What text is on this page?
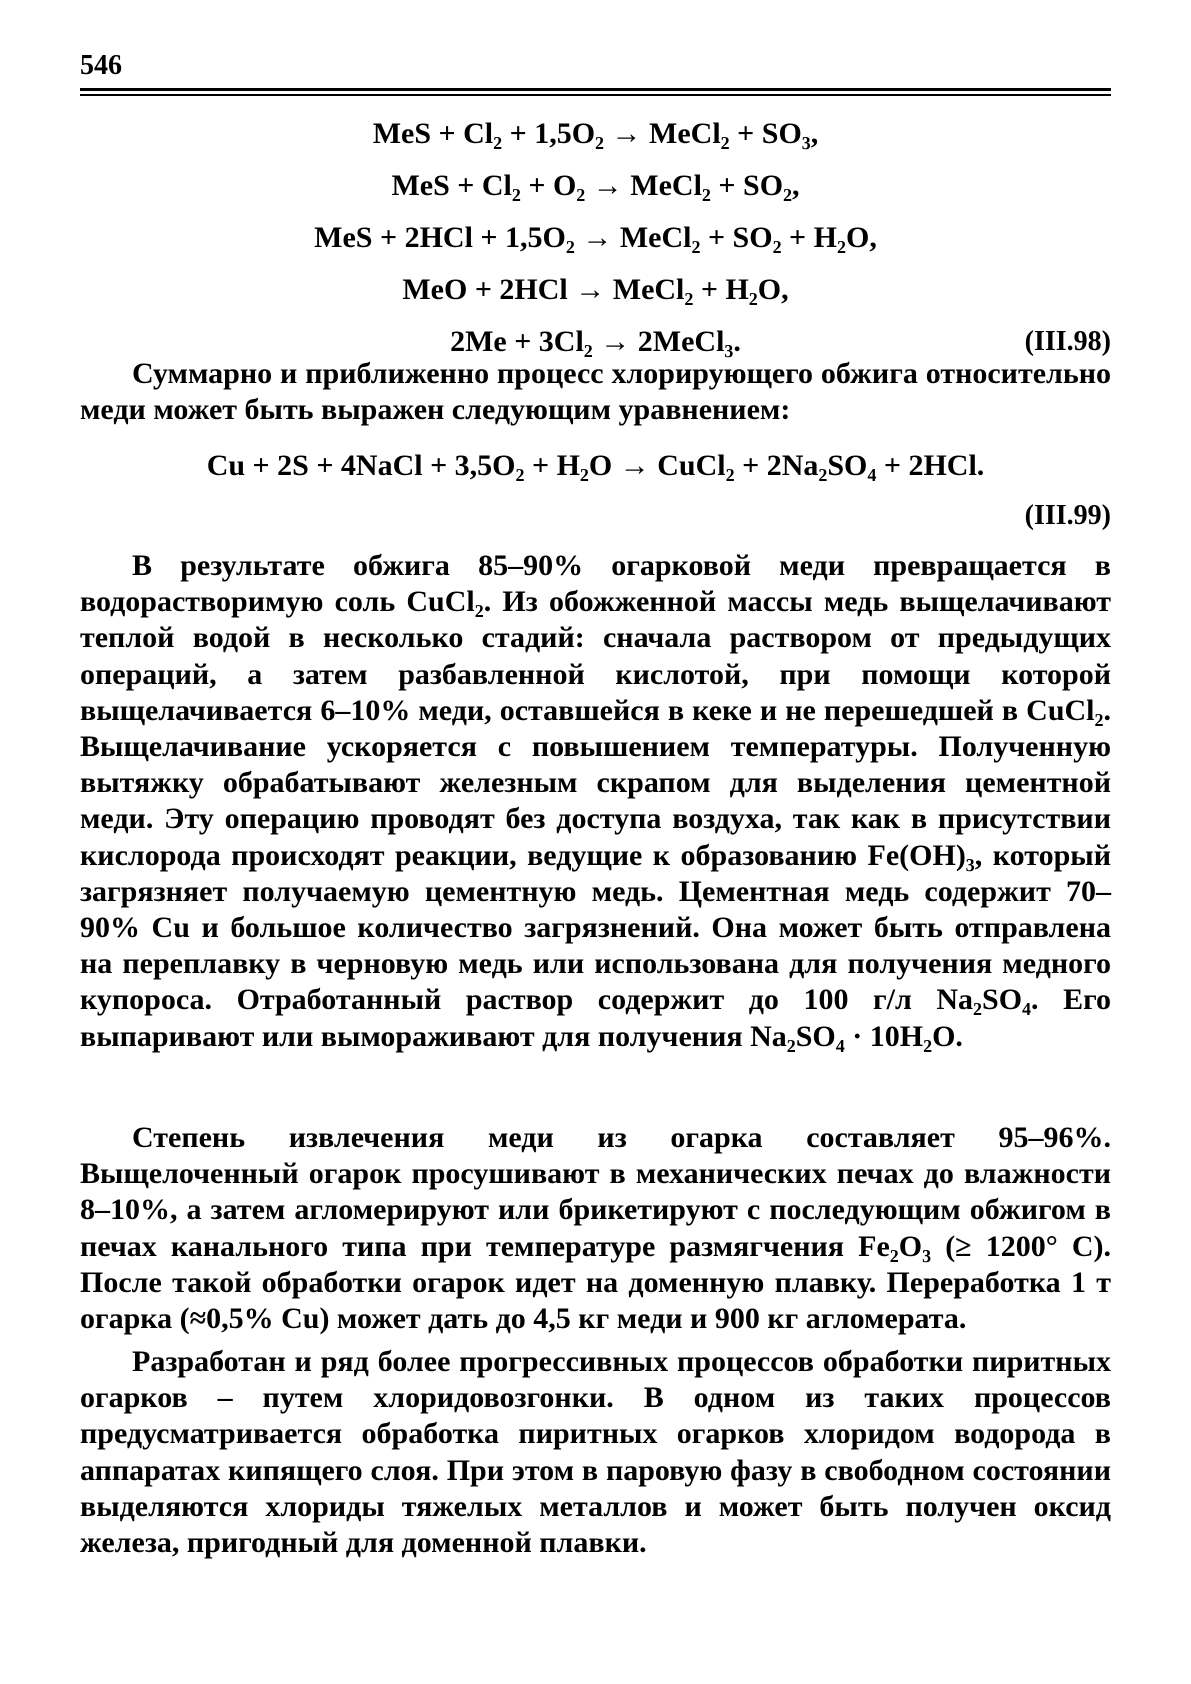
546
MeS + Cl₂ + 1,5O₂ → MeCl₂ + SO₃,
MeS + Cl₂ + O₂ → MeCl₂ + SO₂,
MeS + 2HCl + 1,5O₂ → MeCl₂ + SO₂ + H₂O,
MeO + 2HCl → MeCl₂ + H₂O,
2Me + 3Cl₂ → 2MeCl₃.	(III.98)

Суммарно и приближенно процесс хлорирующего обжига относительно меди может быть выражен следующим уравнением:

Cu + 2S + 4NaCl + 3,5O₂ + H₂O → CuCl₂ + 2Na₂SO₄ + 2HCl.
(III.99)

В результате обжига 85–90% огарковой меди превращается в водорастворимую соль CuCl₂. Из обожженной массы медь выщелачивают теплой водой в несколько стадий: сначала раствором от предыдущих операций, а затем разбавленной кислотой, при помощи которой выщелачивается 6–10% меди, оставшейся в кеке и не перешедшей в CuCl₂. Выщелачивание ускоряется с повышением температуры. Полученную вытяжку обрабатывают железным скрапом для выделения цементной меди. Эту операцию проводят без доступа воздуха, так как в присутствии кислорода происходят реакции, ведущие к образованию Fe(OH)₃, который загрязняет получаемую цементную медь. Цементная медь содержит 70–90% Cu и большое количество загрязнений. Она может быть отправлена на переплавку в черновую медь или использована для получения медного купороса. Отработанный раствор содержит до 100 г/л Na₂SO₄. Его выпаривают или вымораживают для получения Na₂SO₄ · 10H₂O.

Степень извлечения меди из огарка составляет 95–96%. Выщелоченный огарок просушивают в механических печах до влажности 8–10%, а затем агломерируют или брикетируют с последующим обжигом в печах канального типа при температуре размягчения Fe₂O₃ (≥ 1200° C). После такой обработки огарок идет на доменную плавку. Переработка 1 т огарка (≈0,5% Cu) может дать до 4,5 кг меди и 900 кг агломерата.

Разработан и ряд более прогрессивных процессов обработки пиритных огарков – путем хлоридовозгонки. В одном из таких процессов предусматривается обработка пиритных огарков хлоридом водорода в аппаратах кипящего слоя. При этом в паровую фазу в свободном состоянии выделяются хлориды тяжелых металлов и может быть получен оксид железа, пригодный для доменной плавки.
